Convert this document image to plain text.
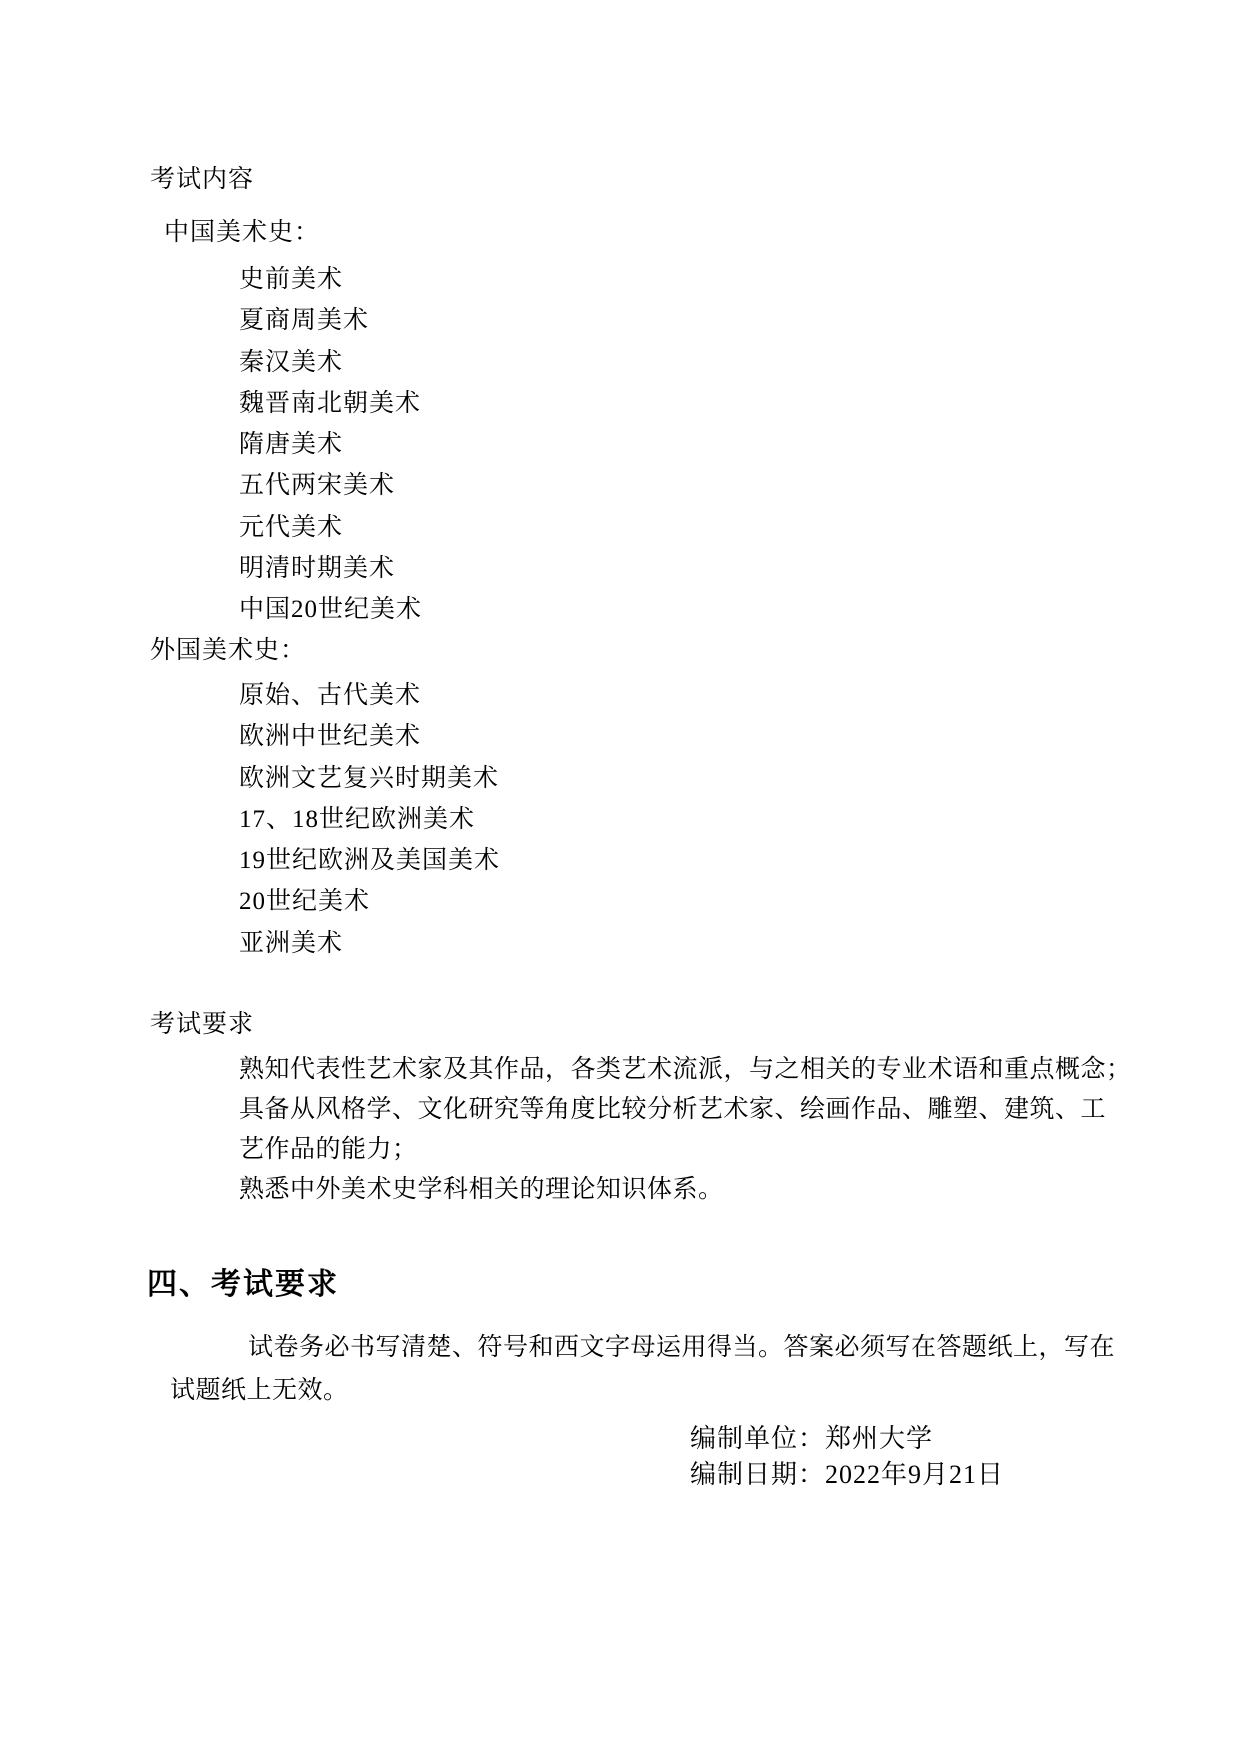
考试内容
中国美术史：
史前美术
夏商周美术
秦汉美术
魏晋南北朝美术
隋唐美术
五代两宋美术
元代美术
明清时期美术
中国20世纪美术
外国美术史：
原始、古代美术
欧洲中世纪美术
欧洲文艺复兴时期美术
17、18世纪欧洲美术
19世纪欧洲及美国美术
20世纪美术
亚洲美术
考试要求
熟知代表性艺术家及其作品，各类艺术流派，与之相关的专业术语和重点概念；
具备从风格学、文化研究等角度比较分析艺术家、绘画作品、雕塑、建筑、工
艺作品的能力；
熟悉中外美术史学科相关的理论知识体系。
四、考试要求
试卷务必书写清楚、符号和西文字母运用得当。答案必须写在答题纸上，写在
试题纸上无效。
编制单位：郑州大学
编制日期：2022年9月21日
